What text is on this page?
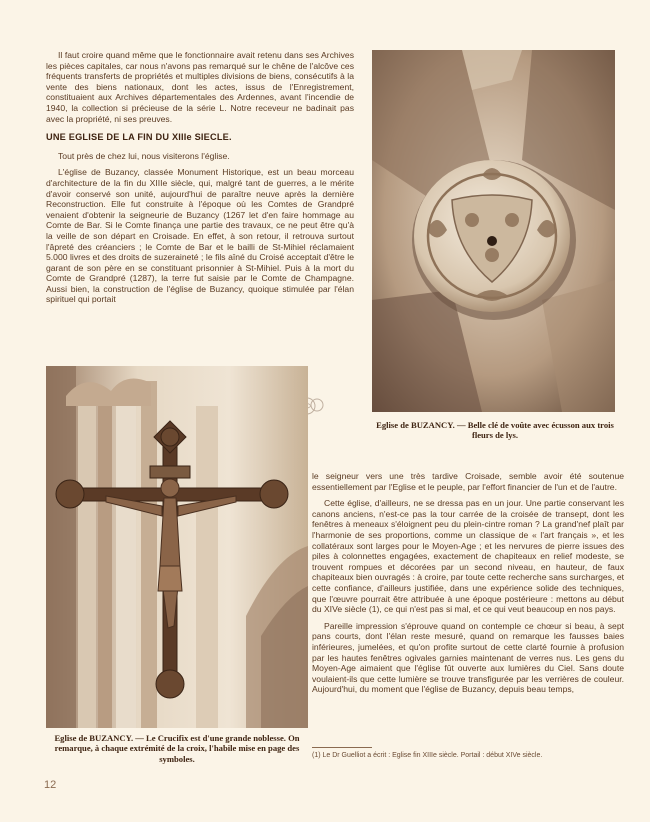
Il faut croire quand même que le fonctionnaire avait retenu dans ses Archives les pièces capitales, car nous n'avons pas remarqué sur le chêne de l'alcôve ces fréquents transferts de propriétés et multiples divisions de biens, consécutifs à la vente des biens nationaux, dont les actes, issus de l'Enregistrement, constituaient aux Archives départementales des Ardennes, avant l'incendie de 1940, la collection si précieuse de la série L. Notre receveur ne badinait pas avec la propriété, ni ses preuves.

UNE EGLISE DE LA FIN DU XIIIe SIECLE.

Tout près de chez lui, nous visiterons l'église.

L'église de Buzancy, classée Monument Historique, est un beau morceau d'architecture de la fin du XIIIe siècle, qui, malgré tant de guerres, a le mérite d'avoir conservé son unité, aujourd'hui de paraître neuve après la dernière Reconstruction. Elle fut construite à l'époque où les Comtes de Grandpré venaient d'obtenir la seigneurie de Buzancy (1267 let d'en faire hommage au Comte de Bar. Si le Comte finança une partie des travaux, ce ne peut être qu'à la veille de son départ en Croisade. En effet, à son retour, il retrouva surtout l'âpreté des créanciers ; le Comte de Bar et le bailli de St-Mihiel réclamaient 5.000 livres et des droits de suzeraineté ; le fils aîné du Croisé acceptait d'être le garant de son père en se constituant prisonnier à St-Mihiel. Puis à la mort du Comte de Grandpré (1287), la terre fut saisie par le Comte de Champagne. Aussi bien, la construction de l'église de Buzancy, quoique stimulée par l'élan spirituel qui portait

Eglise de BUZANCY. — Belle clé de voûte avec écusson aux trois fleurs de lys.
Eglise de BUZANCY. — Le Crucifix est d'une grande noblesse. On remarque, à chaque extrémité de la croix, l'habile mise en page des symboles.

le seigneur vers une très tardive Croisade, semble avoir été soutenue essentiellement par l'Eglise et le peuple, par l'effort financier de l'un et de l'autre.

Cette église, d'ailleurs, ne se dressa pas en un jour. Une partie conservant les canons anciens, n'est-ce pas la tour carrée de la croisée de transept, dont les fenêtres à meneaux s'éloignent peu du plein-cintre roman ? La grand'nef plaît par l'harmonie de ses proportions, comme un classique de « l'art français », et les collatéraux sont larges pour le Moyen-Age ; et les nervures de pierre issues des piles à colonnettes engagées, exactement de chapiteaux en relief modeste, se trouvent rompues et décorées par un second niveau, en hauteur, de faux chapiteaux bien ouvragés : à croire, par toute cette recherche sans surcharges, et cette confiance, d'ailleurs justifiée, dans une expérience solide des techniques, que l'œuvre pourrait être attribuée à une époque postérieure : mettons au début du XIVe siècle (1), ce qui n'est pas si mal, et ce qui veut beaucoup en nos pays.

Pareille impression s'éprouve quand on contemple ce chœur si beau, à sept pans courts, dont l'élan reste mesuré, quand on remarque les fausses baies inférieures, jumelées, et qu'on profite surtout de cette clarté fournie à profusion par les hautes fenêtres ogivales garnies maintenant de verres nus. Les gens du Moyen-Age aimaient que l'église fût ouverte aux lumières du Ciel. Sans doute voulaient-ils que cette lumière se trouve transfigurée par les verrières de couleur. Aujourd'hui, du moment que l'église de Buzancy, depuis beau temps,

(1) Le Dr Guelliot a écrit : Eglise fin XIIIe siècle. Portail : début XIVe siècle.
12
